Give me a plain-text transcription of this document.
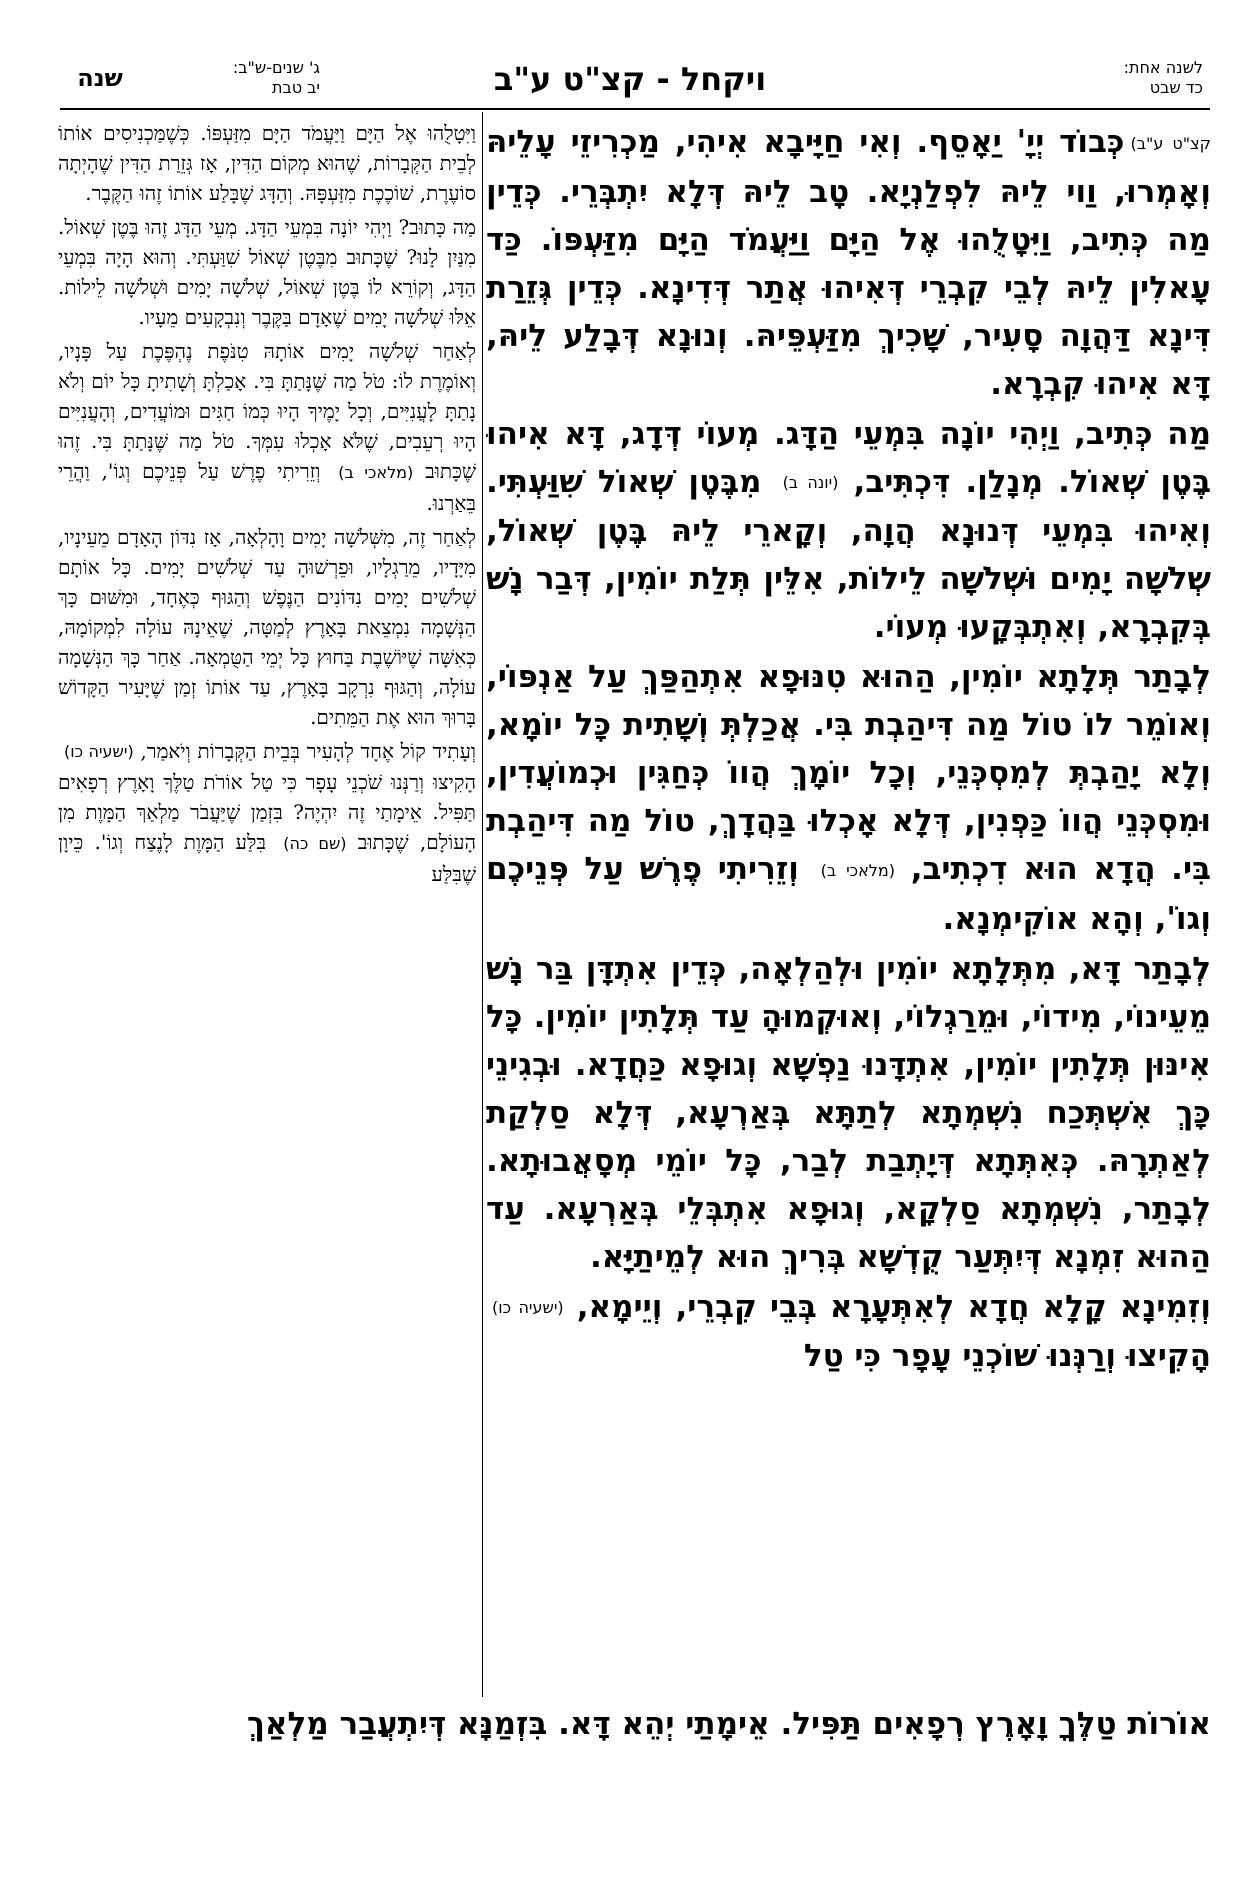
לשנה אחת:
כד שבט
ויקחל - קצ"ט ע"ב
ג' שנים-ש"ב:
יב טבת
שנה

קצ"ט ע"ב)כְּבוֹד יְיָ' יַאָסֵף. וְאִי חַיָּיבָא אִיהִי, מַכְרִיזֵי עָלֵיהּ וְאָמְרוּ, וַוי לֵיהּ לִפְלַנְיָא. טָב לֵיהּ דְּלָא יִתְבְּרֵי. כְּדֵין מַה כְּתִיב, וַיִּטָלֻהוּ אֶל הַיָּם וַיַּעֲמֹד הַיָּם מִזַּעְפּוֹ. כַּד עָאלִין לֵיהּ לְבֵי קִבְרֵי דְּאִיהוּ אֲתַר דְּדִינָא. כְּדֵין גְּזֵרַת דִּינָא דַּהֲוָה סָעִיר, שָׁכִיךְ מִזַּעְפֵּיהּ. וְנוּנָא דְּבָלַע לֵיהּ, דָּא אִיהוּ קִבְרָא.

מַה כְּתִיב, וַיְהִי יוֹנָה בִּמְעֵי הַדָּג. מְעוֹי דְּדָג, דָּא אִיהוּ בֶּטֶן שְׁאוֹל. מְנָלַן. דִּכְתִּיב, (יונה ב) מִבֶּטֶן שְׁאוֹל שִׁוַּעְתִּי. וְאִיהוּ בִּמְעֵי דְּנוּנָא הֲוָה, וְקָארֵי לֵיהּ בֶּטֶן שְׁאוֹל, שְׁלֹשָׁה יָמִים וּשְׁלֹשָׁה לֵילוֹת, אִלֵּין תְּלַת יוֹמִין, דְּבַר נָשׁ בְּקִבְרָא, וְאִתְבְּקָעוּ מְעוֹי.

לְבָתַר תְּלָתָא יוֹמִין, הַהוּא טִנּוּפָא אִתְהַפַּךְ עַל אַנְפּוֹי, וְאוֹמֵר לוֹ טוֹל מַה דִּיהַבְת בִּי. אֲכַלְתְּ וְשָׁתִית כָּל יוֹמָא, וְלָא יָהַבְתְּ לְמִסְכְּנֵי, וְכָל יוֹמָךְ הֲווֹ כְּחַגִּין וּכְמוֹעֲדִין, וּמִסְכְּנֵי הֲווֹ כַּפְנִין, דְּלָא אָכְלוּ בַּהֲדָךְ, טוֹל מַה דִּיהַבְת בִּי. הֲדָא הוּא דִכְתִיב, (מלאכי ב) וְזֵרִיתִי פֶרֶשׁ עַל פְּנֵיכֶם וְגוֹ', וְהָא אוֹקִימְנָא.

לְבָתַר דָּא, מִתְּלָתָא יוֹמִין וּלְהַלְאָה, כְּדֵין אִתְדָּן בַּר נָשׁ מֵעֵינוֹי, מִידוֹי, וּמֵרַגְלוֹי, וְאוּקְמוּהָ עַד תְּלָתִין יוֹמִין. כָּל אִינּוּן תְּלָתִין יוֹמִין, אִתְדָּנוּ נַפְשָׁא וְגוּפָא כַּחֲדָא. וּבְגִינֵי כָּךְ אִשְׁתְּכַח נִשְׁמְתָא לְתַתָּא בְּאַרְעָא, דְּלָא סַלְקַת לְאַתְרָהּ. כְּאִתְּתָא דְּיָתְבַת לְבַר, כָּל יוֹמֵי מְסָאֲבוּתָא. לְבָתַר, נִשְׁמְתָא סַלְקָא, וְגוּפָא אִתְבְּלֵי בְּאַרְעָא. עַד הַהוּא זִמְנָא דְּיִתְּעַר קֻדְשָׁא בְּרִיךְ הוּא לְמֵיתַיָּא.

וְזִמִינָא קָלָא חֲדָא לְאִתְּעָרָא בְּבֵי קִבְרֵי, וְיֵימָא, (ישעיה כו) הָקִיצוּ וְרַנְּנוּ שׁוֹכְנֵי עָפָר כִּי טַל

וַיִּטָלֻהוּ אֶל הַיָּם וַיַּעֲמֹד הַיָּם מִזַּעְפּוֹ. כְּשֶׁמַּכְנִיסִים אוֹתוֹ לְבֵית הַקְּבָרוֹת, שֶׁהוּא מְקוֹם הַדִּין, אָז גְּזֵרַת הַדִּין שֶׁהָיְתָה סוֹעֶרֶת, שׁוֹכֶכֶת מִזַּעְפָּהּ. וְהַדָּג שֶׁבָּלַע אוֹתוֹ זֶהוּ הַקֶּבֶר.

מַה כָּתוּב? וַיְהִי יוֹנָה בִּמְעֵי הַדָּג. מְעֵי הַדָּג זֶהוּ בֶּטֶן שְׁאוֹל. מִנַּיִן לָנוּ? שֶׁכָּתוּב מִבֶּטֶן שְׁאוֹל שִׁוַּעְתִּי. וְהוּא הָיָה בִּמְעֵי הַדָּג, וְקוֹרֵא לוֹ בֶּטֶן שְׁאוֹל, שְׁלֹשָׁה יָמִים וּשְׁלֹשָׁה לֵילוֹת. אֵלּוּ שְׁלֹשָׁה יָמִים שֶׁאָדָם בַּקֶּבֶר וְנִבְקָעִים מֵעָיו.

לְאַחַר שְׁלֹשָׁה יָמִים אוֹתָהּ טִנֹּפֶת נֶהְפֶּכֶת עַל פָּנָיו, וְאוֹמֶרֶת לוֹ: טֹל מַה שֶּׁנָּתַתָּ בִּי. אָכַלְתָּ וְשָׁתִיתָ כָּל יוֹם וְלֹא נָתַתָּ לָעֲנִיִּים, וְכָל יָמֶיךָ הָיוּ כְּמוֹ חַגִּים וּמוֹעֲדִים, וְהָעֲנִיִּים הָיוּ רְעֵבִים, שֶׁלֹּא אָכְלוּ עִמְּךָ. טֹל מַה שֶּׁנָּתַתָּ בִּי. זֶהוּ שֶׁכָּתוּב (מלאכי ב) וְזֵרִיתִי פֶרֶשׁ עַל פְּנֵיכֶם וְגוֹ', וַהֲרֵי בֵּאַרְנוּ.

לְאַחַר זֶה, מִשְּׁלֹשָׁה יָמִים וָהָלְאָה, אָז נִדּוֹן הָאָדָם מֵעֵינָיו, מִיָּדָיו, מֵרַגְלָיו, וּפֵרְשׁוּהָ עַד שְׁלֹשִׁים יָמִים. כָּל אוֹתָם שְׁלֹשִׁים יָמִים נִדּוֹנִים הַנֶּפֶשׁ וְהַגּוּף כְּאֶחָד, וּמִשּׁוּם כָּךְ הַנְּשָׁמָה נִמְצֵאת בָּאָרֶץ לְמַטָּה, שֶׁאֵינָהּ עוֹלָה לִמְקוֹמָהּ, כְּאִשָּׁה שֶׁיּוֹשֶׁבֶת בַּחוּץ כָּל יְמֵי הַטֻּמְאָה. אַחַר כָּךְ הַנְּשָׁמָה עוֹלָה, וְהַגּוּף נִרְקָב בָּאָרֶץ, עַד אוֹתוֹ זְמַן שֶׁיָּעִיר הַקָּדוֹשׁ בָּרוּךְ הוּא אֶת הַמֵּתִים.

וְעָתִיד קוֹל אֶחָד לְהָעִיר בְּבֵית הַקְּבָרוֹת וְיֹאמַר, (ישעיה כו) הָקִיצוּ וְרַנְּנוּ שֹׁכְנֵי עָפָר כִּי טַל אוֹרֹת טַלֶּךָ וָאָרֶץ רְפָאִים תַּפִּיל. אֵימָתַי זֶה יִהְיֶה? בִּזְמַן שֶׁיַּעֲבֹר מַלְאַךְ הַמָּוֶת מִן הָעוֹלָם, שֶׁכָּתוּב (שם כה) בִּלַּע הַמָּוֶת לָנֶצַח וְגוֹ'. כֵּיוָן שֶׁבִּלַּע

אוֹרוֹת טַלֶּךָ וָאָרֶץ רְפָאִים תַּפִּיל. אֵימָתַי יְהֵא דָּא. בִּזְמַנָּא דְּיִתְעֲבַר מַלְאַךְ
